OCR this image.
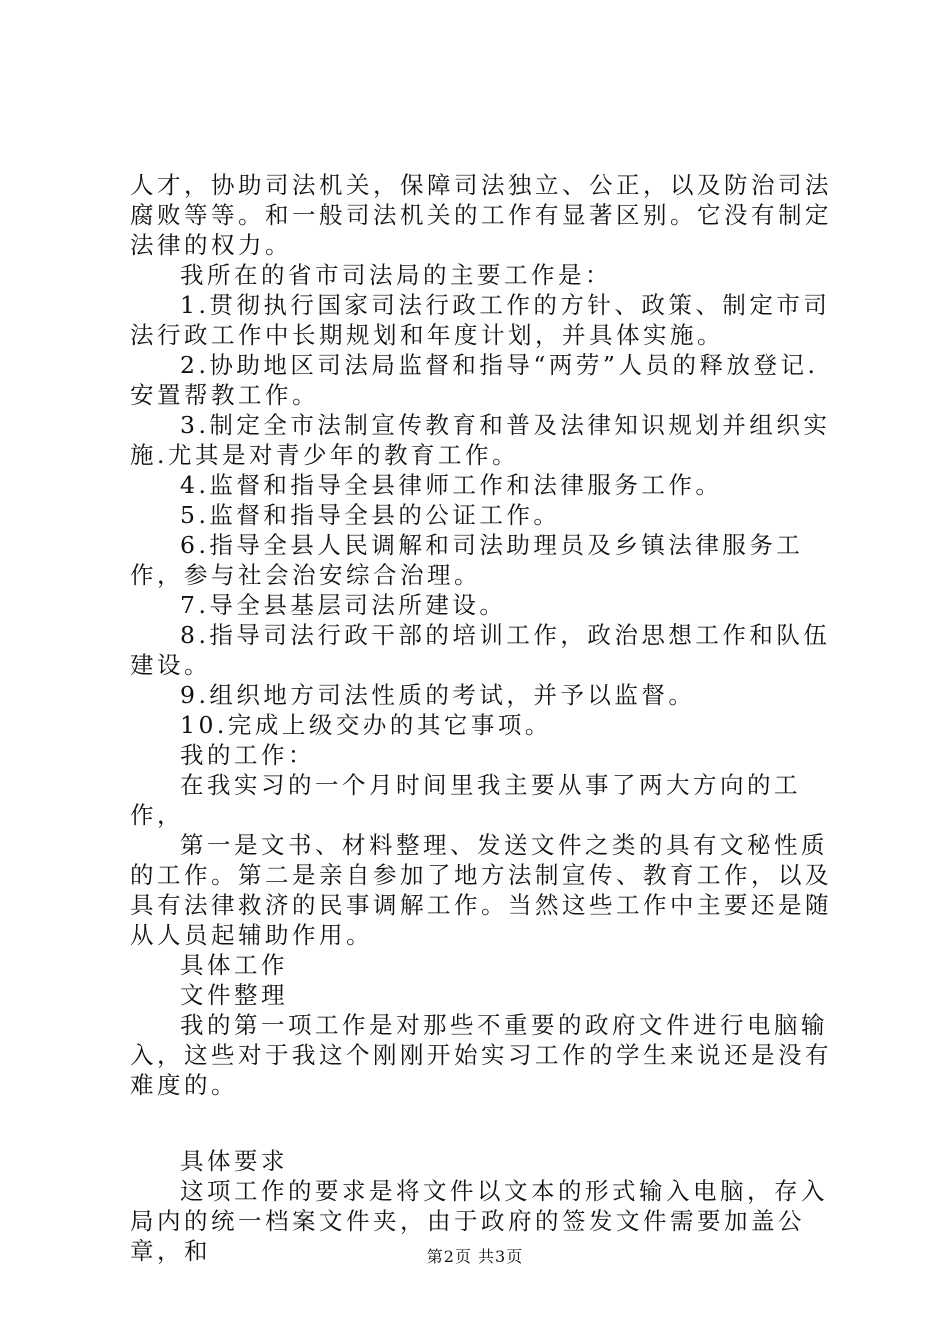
人才，协助司法机关，保障司法独立、公正，以及防治司法腐败等等。和一般司法机关的工作有显著区别。它没有制定法律的权力。

我所在的省市司法局的主要工作是：

1.贯彻执行国家司法行政工作的方针、政策、制定市司法行政工作中长期规划和年度计划，并具体实施。

2.协助地区司法局监督和指导“两劳”人员的释放登记.安置帮教工作。

3.制定全市法制宣传教育和普及法律知识规划并组织实施.尤其是对青少年的教育工作。

4.监督和指导全县律师工作和法律服务工作。

5.监督和指导全县的公证工作。

6.指导全县人民调解和司法助理员及乡镇法律服务工作，参与社会治安综合治理。

7.导全县基层司法所建设。

8.指导司法行政干部的培训工作，政治思想工作和队伍建设。

9.组织地方司法性质的考试，并予以监督。

10.完成上级交办的其它事项。

我的工作：

在我实习的一个月时间里我主要从事了两大方向的工作，

第一是文书、材料整理、发送文件之类的具有文秘性质的工作。第二是亲自参加了地方法制宣传、教育工作，以及具有法律救济的民事调解工作。当然这些工作中主要还是随从人员起辅助作用。

具体工作

文件整理

我的第一项工作是对那些不重要的政府文件进行电脑输入，这些对于我这个刚刚开始实习工作的学生来说还是没有难度的。

具体要求

这项工作的要求是将文件以文本的形式输入电脑，存入局内的统一档案文件夹，由于政府的签发文件需要加盖公章，和	第2页 共3页
